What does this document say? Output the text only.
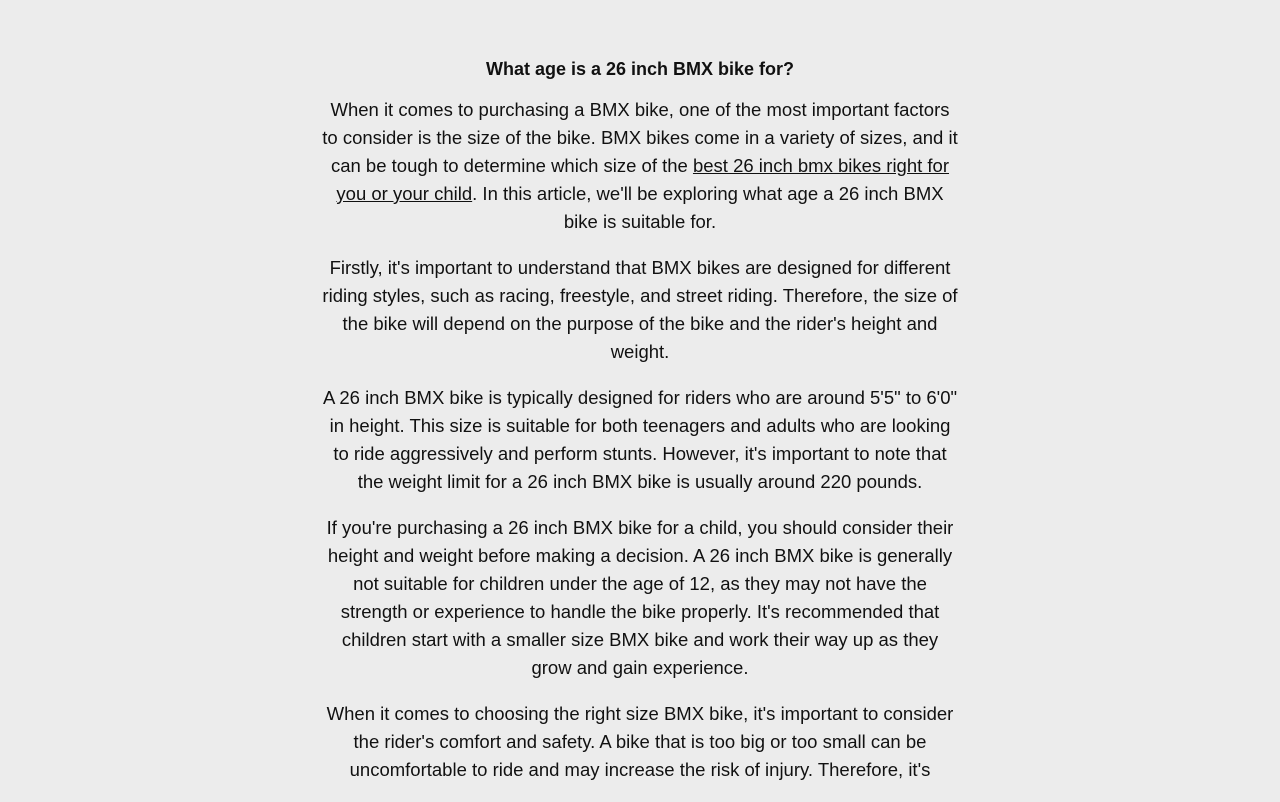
What age is a 26 inch BMX bike for?

When it comes to purchasing a BMX bike, one of the most important factors to consider is the size of the bike. BMX bikes come in a variety of sizes, and it can be tough to determine which size of the best 26 inch bmx bikes right for you or your child. In this article, we'll be exploring what age a 26 inch BMX bike is suitable for.

Firstly, it's important to understand that BMX bikes are designed for different riding styles, such as racing, freestyle, and street riding. Therefore, the size of the bike will depend on the purpose of the bike and the rider's height and weight.

A 26 inch BMX bike is typically designed for riders who are around 5'5" to 6'0" in height. This size is suitable for both teenagers and adults who are looking to ride aggressively and perform stunts. However, it's important to note that the weight limit for a 26 inch BMX bike is usually around 220 pounds.

If you're purchasing a 26 inch BMX bike for a child, you should consider their height and weight before making a decision. A 26 inch BMX bike is generally not suitable for children under the age of 12, as they may not have the strength or experience to handle the bike properly. It's recommended that children start with a smaller size BMX bike and work their way up as they grow and gain experience.

When it comes to choosing the right size BMX bike, it's important to consider the rider's comfort and safety. A bike that is too big or too small can be uncomfortable to ride and may increase the risk of injury. Therefore, it's
